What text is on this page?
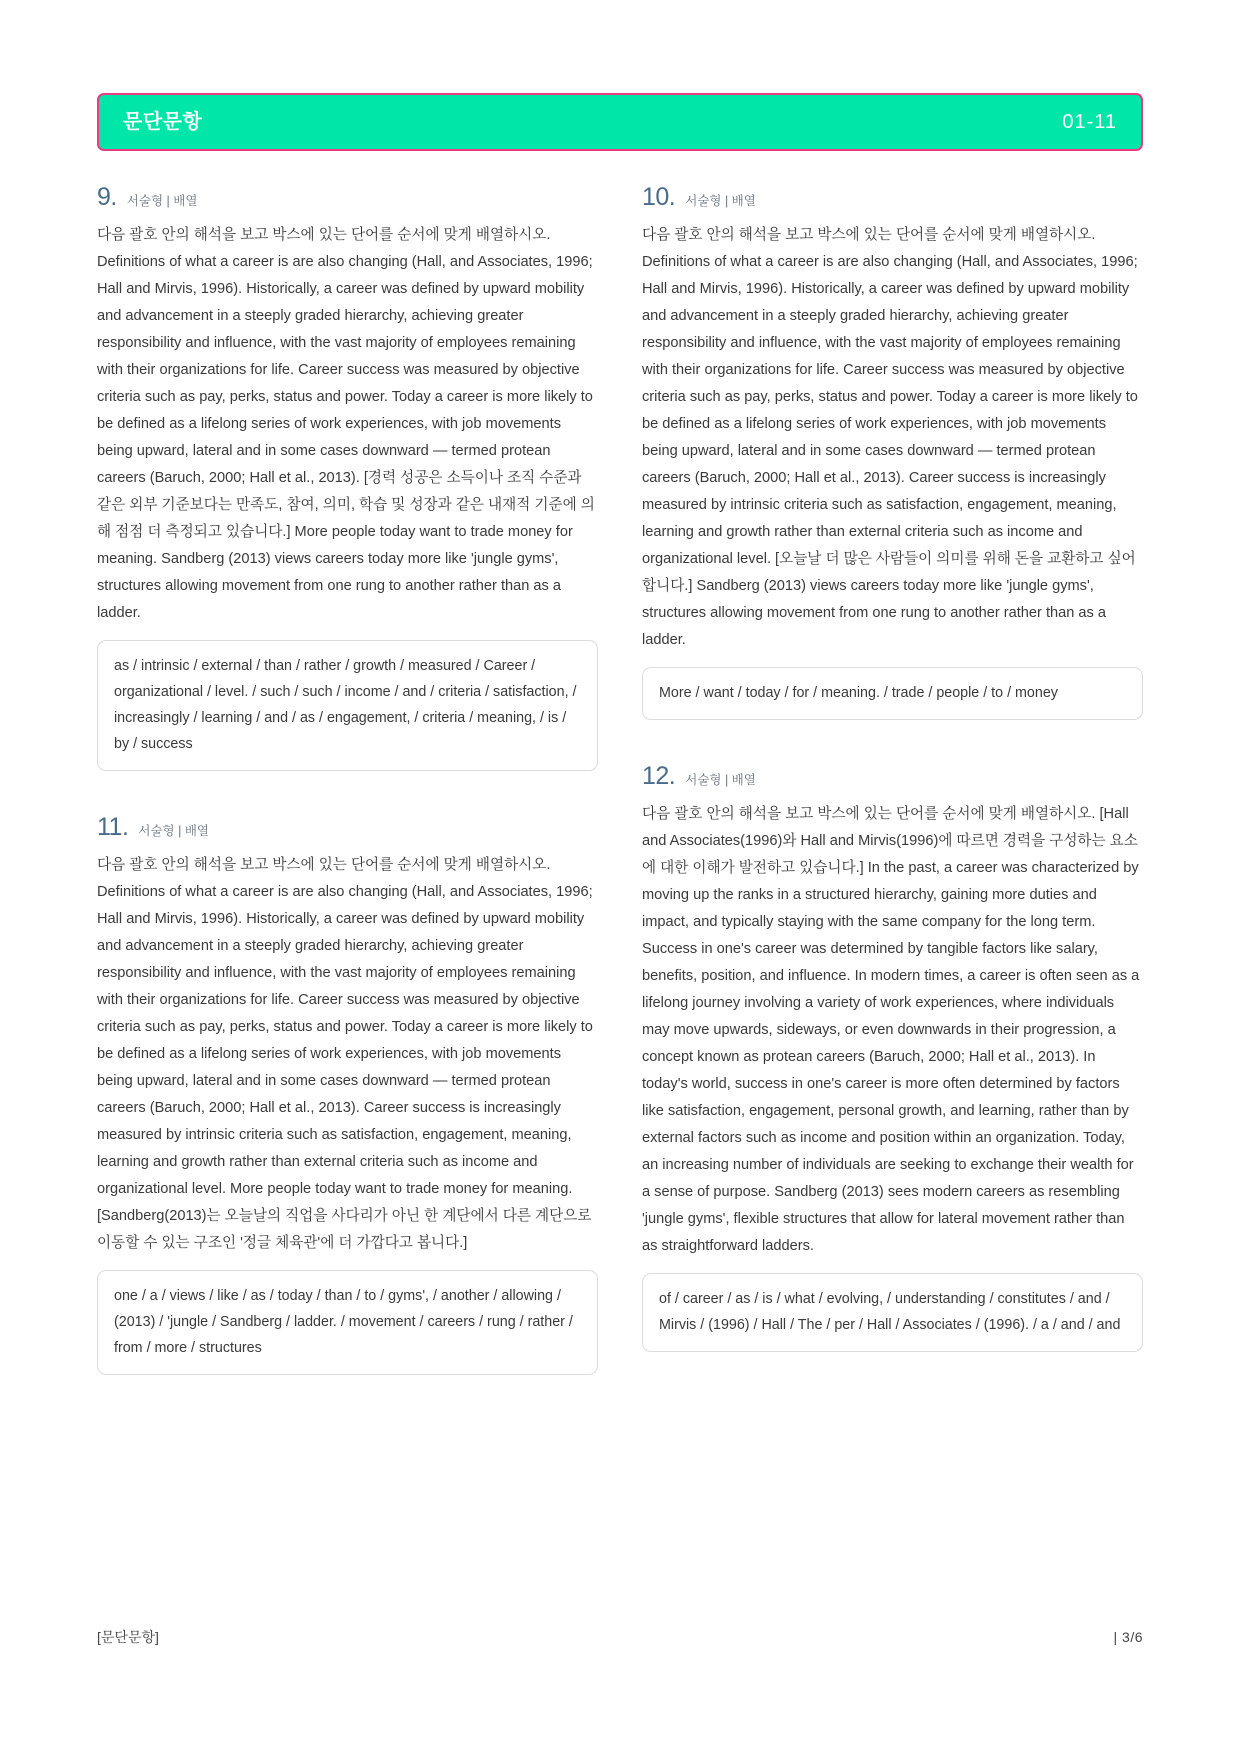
문단문항	01-11
9. 서술형 | 배열
다음 괄호 안의 해석을 보고 박스에 있는 단어를 순서에 맞게 배열하시오. Definitions of what a career is are also changing (Hall, and Associates, 1996; Hall and Mirvis, 1996). Historically, a career was defined by upward mobility and advancement in a steeply graded hierarchy, achieving greater responsibility and influence, with the vast majority of employees remaining with their organizations for life. Career success was measured by objective criteria such as pay, perks, status and power. Today a career is more likely to be defined as a lifelong series of work experiences, with job movements being upward, lateral and in some cases downward — termed protean careers (Baruch, 2000; Hall et al., 2013). [경력 성공은 소득이나 조직 수준과 같은 외부 기준보다는 만족도, 참여, 의미, 학습 및 성장과 같은 내재적 기준에 의해 점점 더 측정되고 있습니다.] More people today want to trade money for meaning. Sandberg (2013) views careers today more like 'jungle gyms', structures allowing movement from one rung to another rather than as a ladder.
as / intrinsic / external / than / rather / growth / measured / Career / organizational / level. / such / such / income / and / criteria / satisfaction, / increasingly / learning / and / as / engagement, / criteria / meaning, / is / by / success
11. 서술형 | 배열
다음 괄호 안의 해석을 보고 박스에 있는 단어를 순서에 맞게 배열하시오. Definitions of what a career is are also changing (Hall, and Associates, 1996; Hall and Mirvis, 1996). Historically, a career was defined by upward mobility and advancement in a steeply graded hierarchy, achieving greater responsibility and influence, with the vast majority of employees remaining with their organizations for life. Career success was measured by objective criteria such as pay, perks, status and power. Today a career is more likely to be defined as a lifelong series of work experiences, with job movements being upward, lateral and in some cases downward — termed protean careers (Baruch, 2000; Hall et al., 2013). Career success is increasingly measured by intrinsic criteria such as satisfaction, engagement, meaning, learning and growth rather than external criteria such as income and organizational level. More people today want to trade money for meaning. [Sandberg(2013)는 오늘날의 직업을 사다리가 아닌 한 계단에서 다른 계단으로 이동할 수 있는 구조인 '정글 체육관'에 더 가깝다고 봅니다.]
one / a / views / like / as / today / than / to / gyms', / another / allowing / (2013) / 'jungle / Sandberg / ladder. / movement / careers / rung / rather / from / more / structures
10. 서술형 | 배열
다음 괄호 안의 해석을 보고 박스에 있는 단어를 순서에 맞게 배열하시오. Definitions of what a career is are also changing (Hall, and Associates, 1996; Hall and Mirvis, 1996). Historically, a career was defined by upward mobility and advancement in a steeply graded hierarchy, achieving greater responsibility and influence, with the vast majority of employees remaining with their organizations for life. Career success was measured by objective criteria such as pay, perks, status and power. Today a career is more likely to be defined as a lifelong series of work experiences, with job movements being upward, lateral and in some cases downward — termed protean careers (Baruch, 2000; Hall et al., 2013). Career success is increasingly measured by intrinsic criteria such as satisfaction, engagement, meaning, learning and growth rather than external criteria such as income and organizational level. [오늘날 더 많은 사람들이 의미를 위해 돈을 교환하고 싶어합니다.] Sandberg (2013) views careers today more like 'jungle gyms', structures allowing movement from one rung to another rather than as a ladder.
More / want / today / for / meaning. / trade / people / to / money
12. 서술형 | 배열
다음 괄호 안의 해석을 보고 박스에 있는 단어를 순서에 맞게 배열하시오. [Hall and Associates(1996)와 Hall and Mirvis(1996)에 따르면 경력을 구성하는 요소에 대한 이해가 발전하고 있습니다.] In the past, a career was characterized by moving up the ranks in a structured hierarchy, gaining more duties and impact, and typically staying with the same company for the long term. Success in one's career was determined by tangible factors like salary, benefits, position, and influence. In modern times, a career is often seen as a lifelong journey involving a variety of work experiences, where individuals may move upwards, sideways, or even downwards in their progression, a concept known as protean careers (Baruch, 2000; Hall et al., 2013). In today's world, success in one's career is more often determined by factors like satisfaction, engagement, personal growth, and learning, rather than by external factors such as income and position within an organization. Today, an increasing number of individuals are seeking to exchange their wealth for a sense of purpose. Sandberg (2013) sees modern careers as resembling 'jungle gyms', flexible structures that allow for lateral movement rather than as straightforward ladders.
of / career / as / is / what / evolving, / understanding / constitutes / and / Mirvis / (1996) / Hall / The / per / Hall / Associates / (1996). / a / and / and
[문단문항]	| 3/6
